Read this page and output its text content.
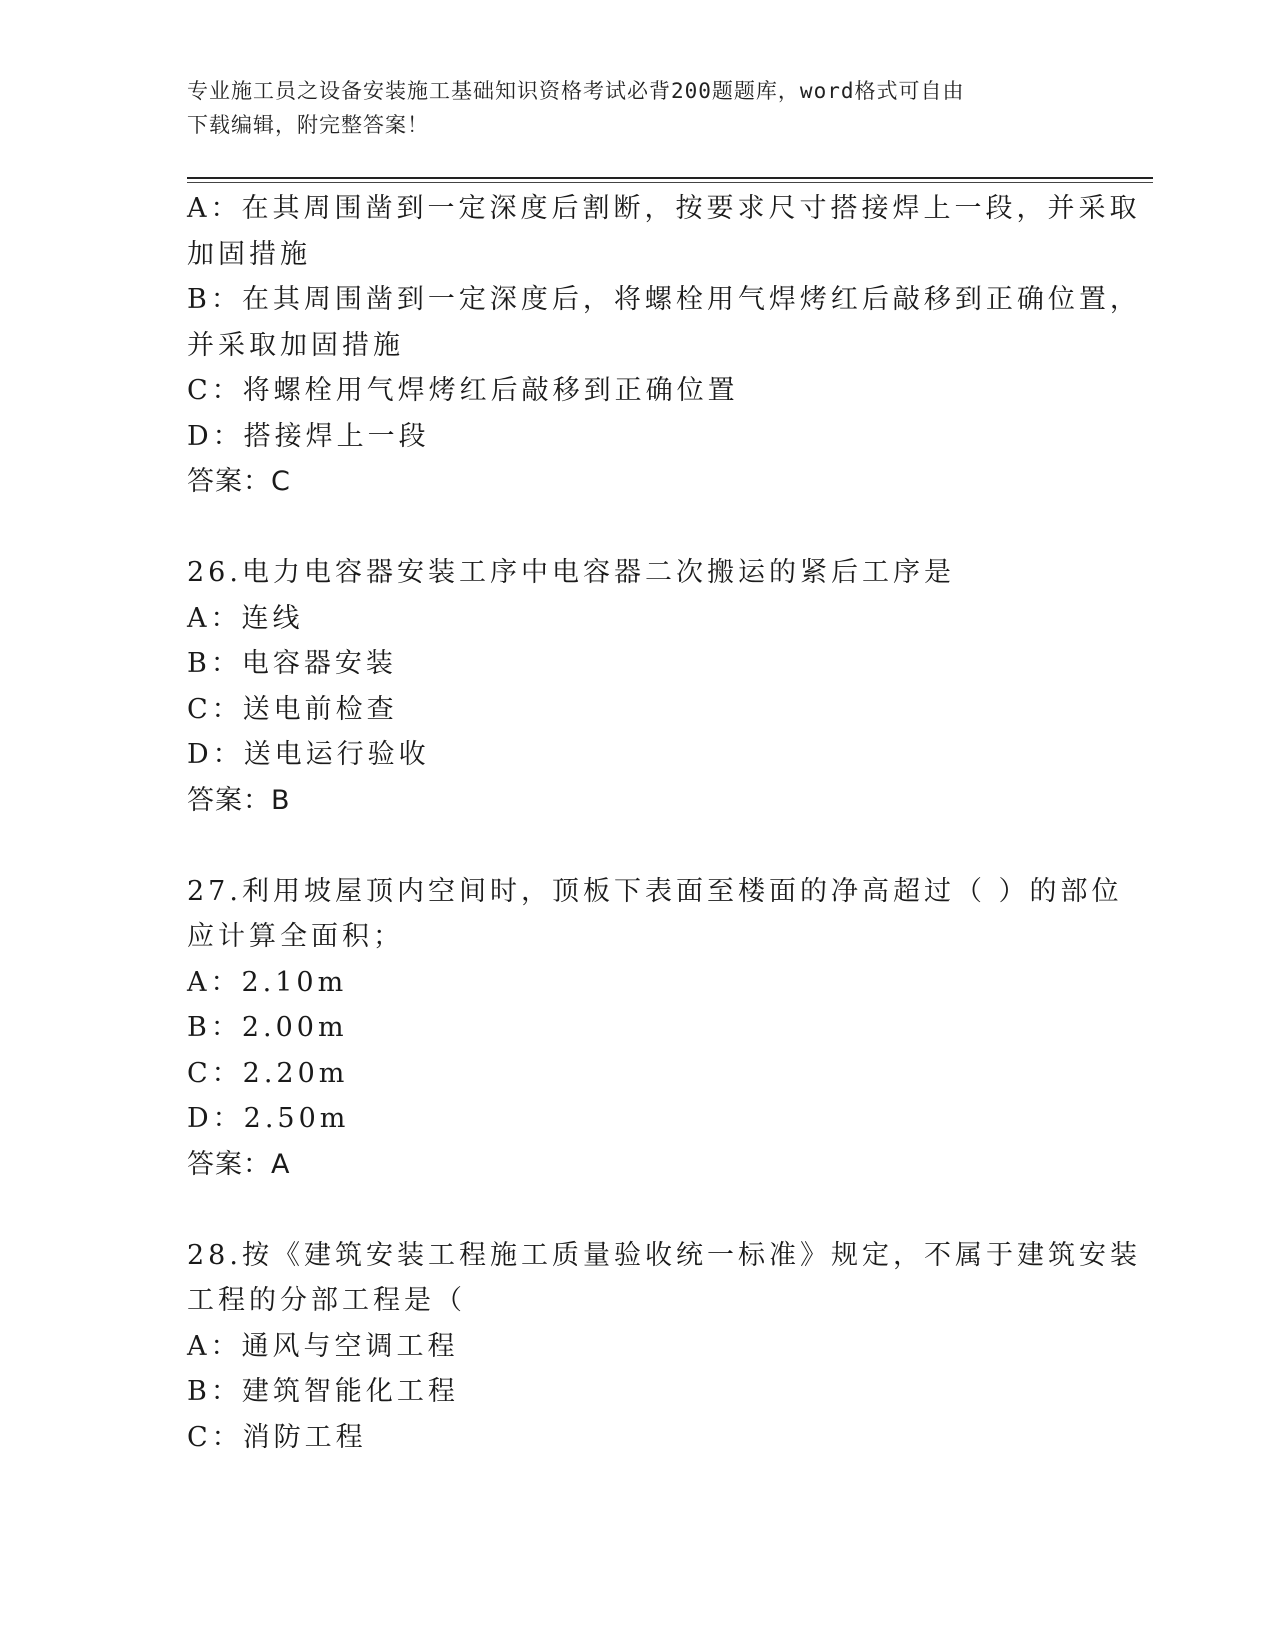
专业施工员之设备安装施工基础知识资格考试必背200题题库，word格式可自由
下载编辑，附完整答案！
A：在其周围凿到一定深度后割断，按要求尺寸搭接焊上一段，并采取
加固措施
B：在其周围凿到一定深度后，将螺栓用气焊烤红后敲移到正确位置，
并采取加固措施
C：将螺栓用气焊烤红后敲移到正确位置
D：搭接焊上一段
答案：C
26.电力电容器安装工序中电容器二次搬运的紧后工序是
A：连线
B：电容器安装
C：送电前检查
D：送电运行验收
答案：B
27.利用坡屋顶内空间时，顶板下表面至楼面的净高超过（ ）的部位
应计算全面积；
A：2.10m
B：2.00m
C：2.20m
D：2.50m
答案：A
28.按《建筑安装工程施工质量验收统一标准》规定，不属于建筑安装
工程的分部工程是（
A：通风与空调工程
B：建筑智能化工程
C：消防工程
